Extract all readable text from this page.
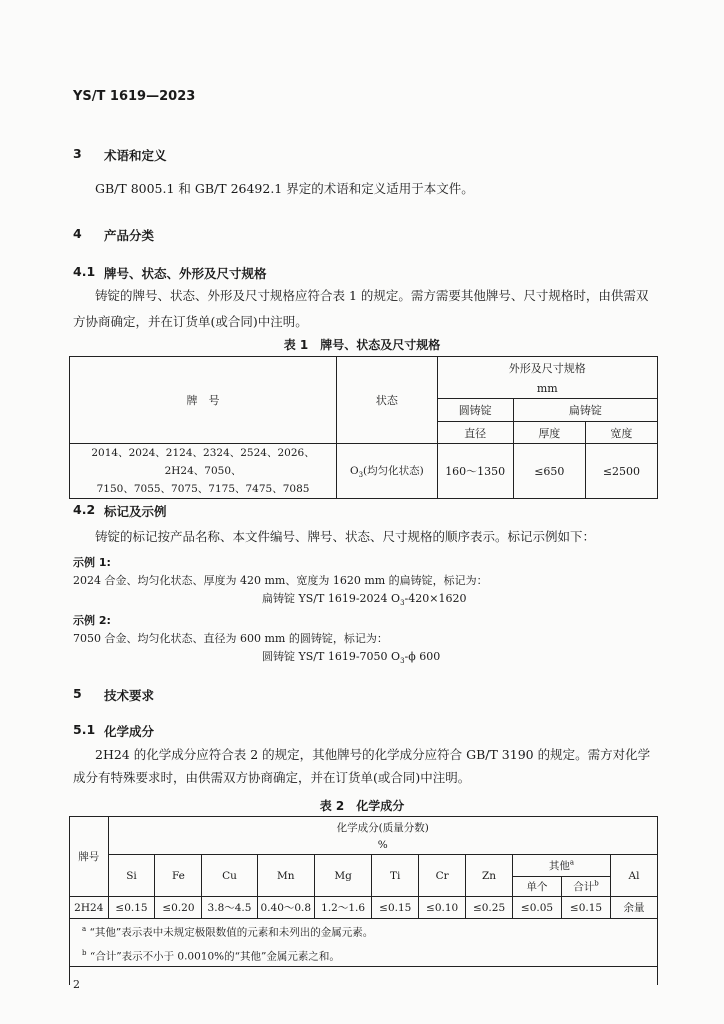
YS/T 1619—2023
3 术语和定义
GB/T 8005.1 和 GB/T 26492.1 界定的术语和定义适用于本文件。
4 产品分类
4.1 牌号、状态、外形及尺寸规格
铸锭的牌号、状态、外形及尺寸规格应符合表 1 的规定。需方需要其他牌号、尺寸规格时，由供需双
方协商确定，并在订货单(或合同)中注明。
表 1　牌号、状态及尺寸规格
牌　号	状态	外形及尺寸规格
mm		

		圆铸锭	扁铸锭	
		直径	厚度	宽度

2014、2024、2124、2324、2524、2026、2H24、7050、
7150、7055、7075、7175、7475、7085	$O_3$(均匀化状态)	160～1350	≤650	≤2500
4.2 标记及示例
铸锭的标记按产品名称、本文件编号、牌号、状态、尺寸规格的顺序表示。标记示例如下：
示例 1:
2024 合金、均匀化状态、厚度为 420 mm、宽度为 1620 mm 的扁铸锭，标记为：
扁铸锭 YS/T 1619-2024 $O_3-420\times 1620$
示例 2:
7050 合金、均匀化状态、直径为 600 mm 的圆铸锭，标记为：
圆铸锭 YS/T 1619-7050 $O_3-\phi$ 600
5 技术要求
5.1 化学成分
2H24 的化学成分应符合表 2 的规定，其他牌号的化学成分应符合 GB/T 3190 的规定。需方对化学
成分有特殊要求时，由供需双方协商确定，并在订货单(或合同)中注明。
表 2　化学成分
牌号	化学成分(质量分数)
%										

	Si	Fe	Cu	Mn	Mg	Ti	Cr	Zn	其他$^a$		Al
									单个	合计$^b$
2H24	≤0.15	≤0.20	3.8～4.5	0.40～0.8	1.2～1.6	≤0.15	≤0.10	≤0.25	≤0.05	≤0.15	余量

$^a$ “其他”表示表中未规定极限数值的元素和未列出的金属元素。
$^b$ “合计”表示不小于 0.0010%的“其他”金属元素之和。											

2
